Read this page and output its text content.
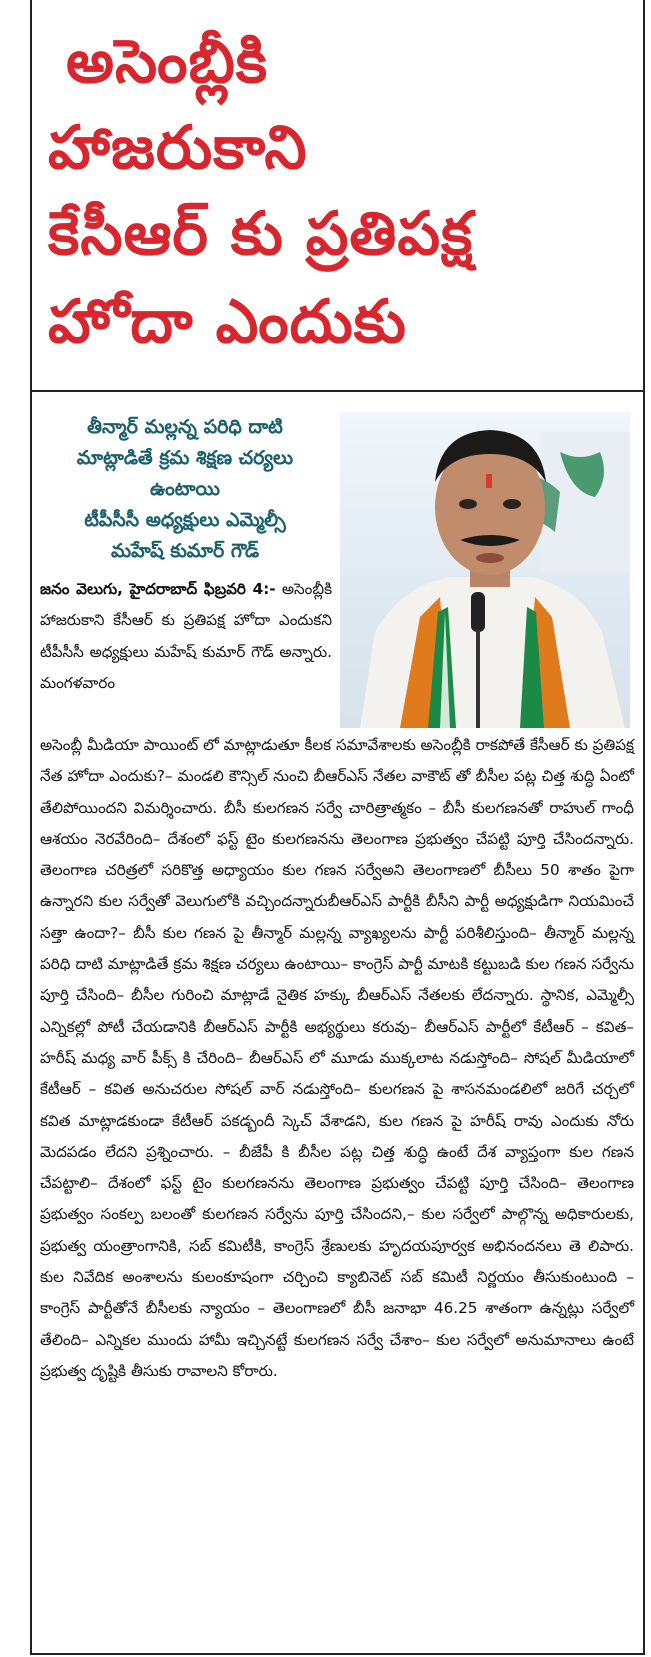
అసెంబ్లీకి
హాజరుకాని
కేసీఆర్ కు ప్రతిపక్ష
హోదా ఎందుకు
తీన్మార్ మల్లన్న పరిధి దాటి
మాట్లాడితే క్రమ శిక్షణ చర్యలు
ఉంటాయి
టీపీసీసీ అధ్యక్షులు ఎమ్మెల్సీ
మహేష్ కుమార్ గౌడ్
జనం వెలుగు, హైదరాబాద్ ఫిబ్రవరి 4:- అసెంబ్లీకి హాజరుకాని కేసీఆర్ కు ప్రతిపక్ష హోదా ఎందుకని టీపీసీసీ అధ్యక్షులు మహేష్ కుమార్ గౌడ్ అన్నారు. మంగళవారం
అసెంబ్లీ మీడియా పాయింట్ లో మాట్లాడుతూ కీలక సమావేశాలకు అసెంబ్లీకి రాకపోతే కేసీఆర్ కు ప్రతిపక్ష నేత హోదా ఎందుకు?– మండలి కౌన్సిల్ నుంచి బీఆర్ఎస్ నేతల వాకౌట్ తో బీసీల పట్ల చిత్త శుద్ధి ఏంటో తేలిపోయిందని విమర్శించారు. బీసీ కులగణన సర్వే చారిత్రాత్మకం – బీసీ కులగణనతో రాహుల్ గాంధీ ఆశయం నెరవేరింది– దేశంలో ఫస్ట్ టైం కులగణనను తెలంగాణ ప్రభుత్వం చేపట్టి పూర్తి చేసిందన్నారు. తెలంగాణ చరిత్రలో సరికొత్త అధ్యాయం కుల గణన సర్వేఅని తెలంగాణలో బీసీలు 50 శాతం పైగా ఉన్నారని కుల సర్వేతో వెలుగులోకి వచ్చిందన్నారుబీఆర్ఎస్ పార్టీకి బీసీని పార్టీ అధ్యక్షుడిగా నియమించే సత్తా ఉందా?– బీసీ కుల గణన పై తీన్మార్ మల్లన్న వ్యాఖ్యలను పార్టీ పరిశీలిస్తుంది– తీన్మార్ మల్లన్న పరిధి దాటి మాట్లాడితే క్రమ శిక్షణ చర్యలు ఉంటాయి– కాంగ్రెస్ పార్టీ మాటకి కట్టుబడి కుల గణన సర్వేను పూర్తి చేసింది– బీసీల గురించి మాట్లాడే నైతిక హక్కు బీఆర్ఎస్ నేతలకు లేదన్నారు. స్థానిక, ఎమ్మెల్సీ ఎన్నికల్లో పోటీ చేయడానికి బీఆర్ఎస్ పార్టీకి అభ్యర్థులు కరువు– బీఆర్ఎస్ పార్టీలో కేటీఆర్ – కవిత– హరీష్ మధ్య వార్ పీక్స్ కి చేరింది– బీఆర్ఎస్ లో మూడు ముక్కలాట నడుస్తోంది– సోషల్ మీడియాలో కేటీఆర్ – కవిత అనుచరుల సోషల్ వార్ నడుస్తోంది– కులగణన పై శాసనమండలిలో జరిగే చర్చలో కవిత మాట్లాడకుండా కేటీఆర్ పకడ్బందీ స్కెచ్ వేశాడని, కుల గణన పై హరీష్ రావు ఎందుకు నోరు మెదపడం లేదని ప్రశ్నించారు. – బీజేపీ కి బీసీల పట్ల చిత్త శుద్ధి ఉంటే దేశ వ్యాప్తంగా కుల గణన చేపట్టాలి– దేశంలో ఫస్ట్ టైం కులగణనను తెలంగాణ ప్రభుత్వం చేపట్టి పూర్తి చేసింది– తెలంగాణ ప్రభుత్వం సంకల్ప బలంతో కులగణన సర్వేను పూర్తి చేసిందని,– కుల సర్వేలో పాల్గొన్న అధికారులకు, ప్రభుత్వ యంత్రాంగానికి, సబ్ కమిటీకి, కాంగ్రెస్ శ్రేణులకు హృదయపూర్వక అభినందనలు తె లిపారు. కుల నివేదిక అంశాలను కులంకూషంగా చర్చించి క్యాబినెట్ సబ్ కమిటీ నిర్ణయం తీసుకుంటుంది – కాంగ్రెస్ పార్టీతోనే బీసీలకు న్యాయం – తెలంగాణలో బీసీ జనాభా 46.25 శాతంగా ఉన్నట్లు సర్వేలో తేలింది– ఎన్నికల ముందు హామీ ఇచ్చినట్టే కులగణన సర్వే చేశాం– కుల సర్వేలో అనుమానాలు ఉంటే ప్రభుత్వ దృష్టికి తీసుకు రావాలని కోరారు.
